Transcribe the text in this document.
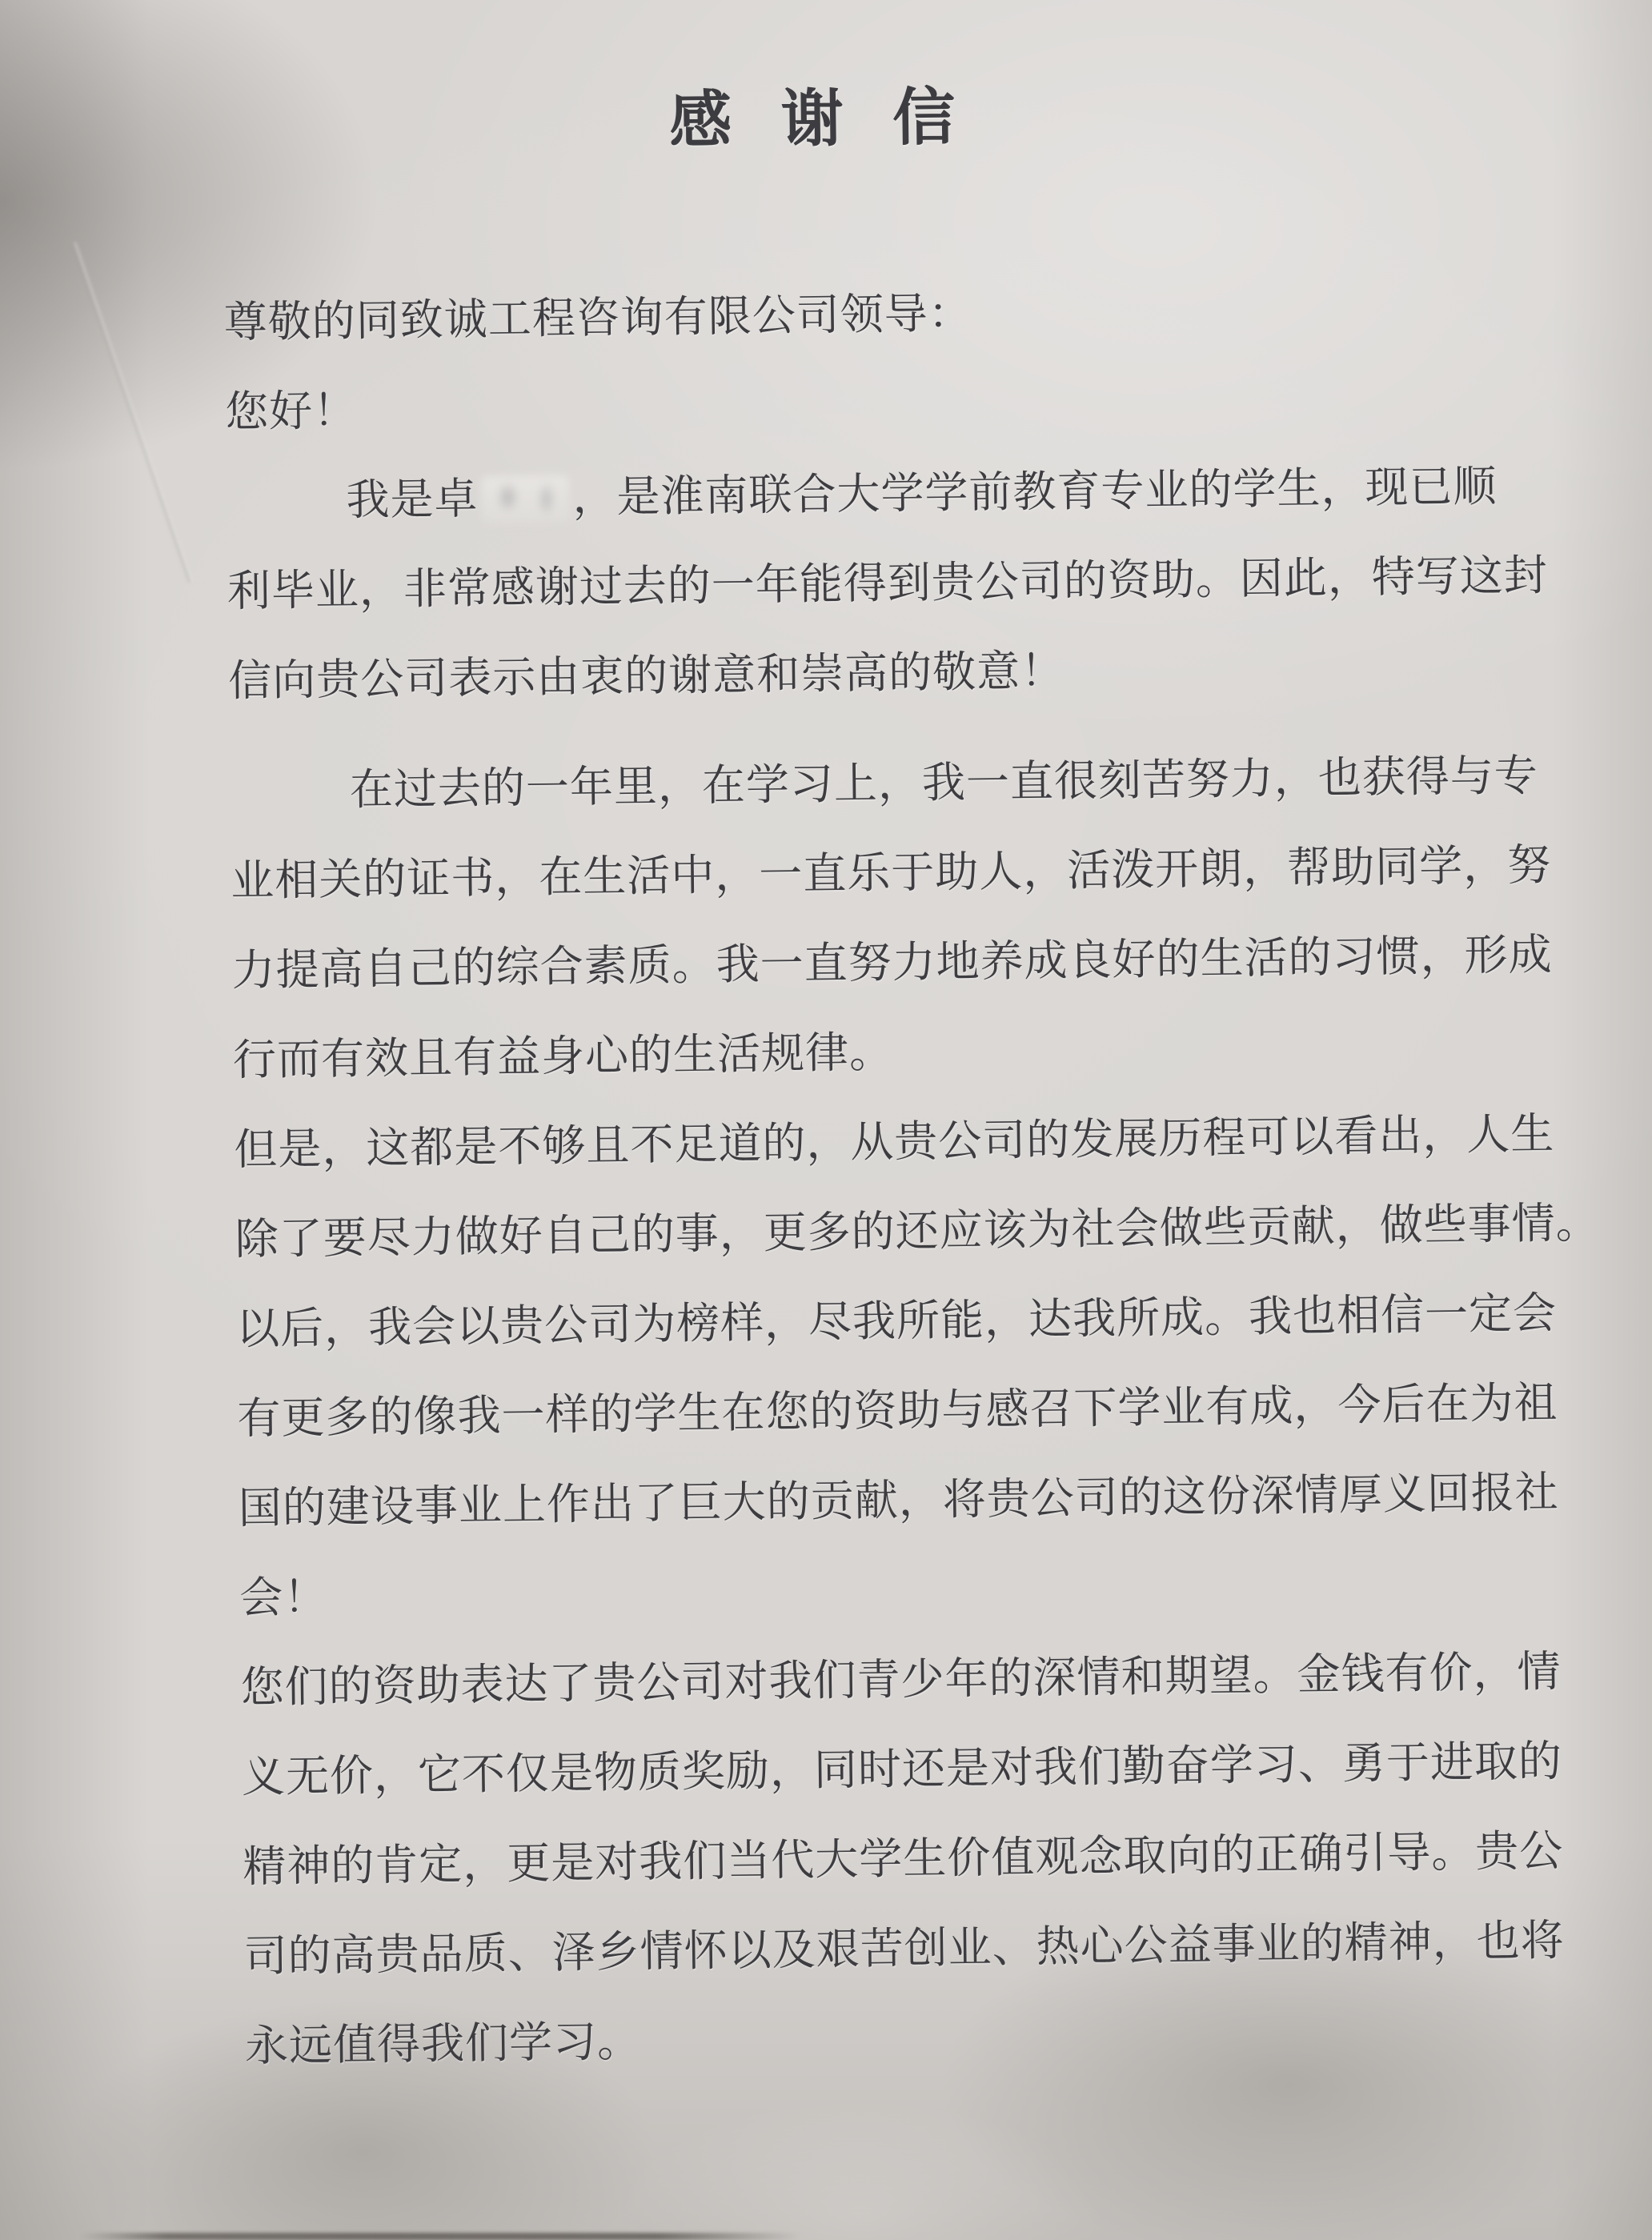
感 谢 信
尊敬的同致诚工程咨询有限公司领导：
您好！
我是卓 ，是淮南联合大学学前教育专业的学生，现已顺
利毕业，非常感谢过去的一年能得到贵公司的资助。因此，特写这封
信向贵公司表示由衷的谢意和崇高的敬意！
在过去的一年里，在学习上，我一直很刻苦努力，也获得与专
业相关的证书，在生活中，一直乐于助人，活泼开朗，帮助同学，努
力提高自己的综合素质。我一直努力地养成良好的生活的习惯，形成
行而有效且有益身心的生活规律。
但是，这都是不够且不足道的，从贵公司的发展历程可以看出，人生
除了要尽力做好自己的事，更多的还应该为社会做些贡献，做些事情。
以后，我会以贵公司为榜样，尽我所能，达我所成。我也相信一定会
有更多的像我一样的学生在您的资助与感召下学业有成，今后在为祖
国的建设事业上作出了巨大的贡献，将贵公司的这份深情厚义回报社
会！
您们的资助表达了贵公司对我们青少年的深情和期望。金钱有价，情
义无价，它不仅是物质奖励，同时还是对我们勤奋学习、勇于进取的
精神的肯定，更是对我们当代大学生价值观念取向的正确引导。贵公
司的高贵品质、泽乡情怀以及艰苦创业、热心公益事业的精神，也将
永远值得我们学习。
